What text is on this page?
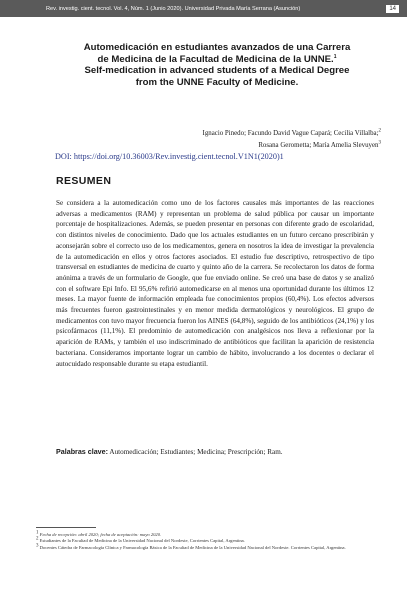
Rev. investig. cient. tecnol. Vol. 4, Núm. 1 (Junio 2020). Universidad Privada María Serrana (Asunción)	14
Automedicación en estudiantes avanzados de una Carrera
de Medicina de la Facultad de Medicina de la UNNE.$^1$
Self-medication in advanced students of a Medical Degree
from the UNNE Faculty of Medicine.
Ignacio Pinedo; Facundo David Vague Capará; Cecilia Villalba;$^2$
Rosana Gerometta; María Amelia Slevuyen$^3$
DOI: https://doi.org/10.36003/Rev.investig.cient.tecnol.V1N1(2020)1
RESUMEN

Se considera a la automedicación como uno de los factores causales más importantes de las reacciones adversas a medicamentos (RAM) y representan un problema de salud pública por causar un importante porcentaje de hospitalizaciones. Además, se pueden presentar en personas con diferente grado de escolaridad, con distintos niveles de conocimiento. Dado que los actuales estudiantes en un futuro cercano prescribirán y aconsejarán sobre el correcto uso de los medicamentos, genera en nosotros la idea de investigar la prevalencia de la automedicación en ellos y otros factores asociados. El estudio fue descriptivo, retrospectivo de tipo transversal en estudiantes de medicina de cuarto y quinto año de la carrera. Se recolectaron los datos de forma anónima a través de un formulario de Google, que fue enviado online. Se creó una base de datos y se analizó con el software Epi Info. El 95,6% refirió automedicarse en al menos una oportunidad durante los últimos 12 meses. La mayor fuente de información empleada fue conocimientos propios (60,4%). Los efectos adversos más frecuentes fueron gastrointestinales y en menor medida dermatológicos y neurológicos. El grupo de medicamentos con tuvo mayor frecuencia fueron los AINES (64,8%), seguido de los antibióticos (24,1%) y los psicofármacos (11,1%). El predominio de automedicación con analgésicos nos lleva a reflexionar por la aparición de RAMs, y también el uso indiscriminado de antibióticos que facilitan la aparición de resistencia bacteriana. Consideramos importante lograr un cambio de hábito, involucrando a los docentes o declarar el autocuidado responsable durante su etapa estudiantil.

Palabras clave: Automedicación; Estudiantes; Medicina; Prescripción; Ram.

$^1$ Fecha de recepción: abril 2020; fecha de aceptación: mayo 2020.

$^2$ Estudiantes de la Facultad de Medicina de la Universidad Nacional del Nordeste, Corrientes Capital, Argentina.

$^3$ Docentes Cátedra de Farmacología Clínica y Farmacología Básica de la Facultad de Medicina de la Universidad Nacional del Nordeste. Corrientes Capital, Argentina.
